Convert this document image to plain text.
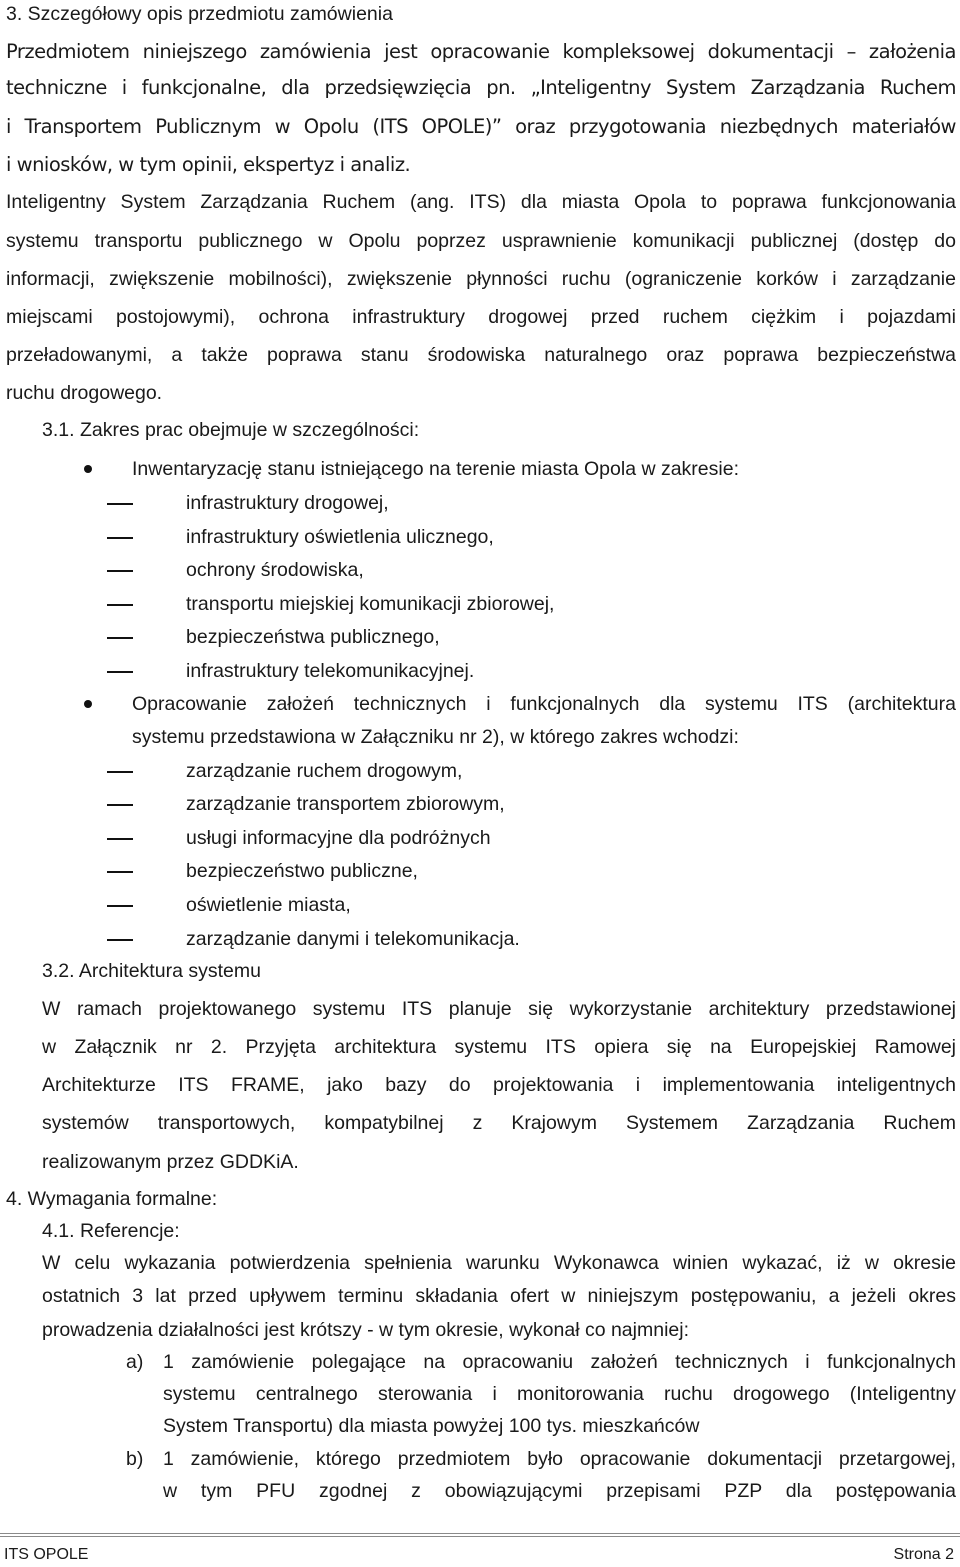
3. Szczegółowy opis przedmiotu zamówienia
Przedmiotem niniejszego zamówienia jest opracowanie kompleksowej dokumentacji – założenia
techniczne i funkcjonalne, dla przedsięwzięcia pn. „Inteligentny System Zarządzania Ruchem
i Transportem Publicznym w Opolu (ITS OPOLE)” oraz przygotowania niezbędnych materiałów
i wniosków, w tym opinii, ekspertyz i analiz.
Inteligentny System Zarządzania Ruchem (ang. ITS) dla miasta Opola to poprawa funkcjonowania
systemu transportu publicznego w Opolu poprzez usprawnienie komunikacji publicznej (dostęp do
informacji, zwiększenie mobilności), zwiększenie płynności ruchu (ograniczenie korków i zarządzanie
miejscami postojowymi), ochrona infrastruktury drogowej przed ruchem ciężkim i pojazdami
przeładowanymi, a także poprawa stanu środowiska naturalnego oraz poprawa bezpieczeństwa
ruchu drogowego.
3.1. Zakres prac obejmuje w szczególności:
Inwentaryzację stanu istniejącego na terenie miasta Opola w zakresie:
infrastruktury drogowej,
infrastruktury oświetlenia ulicznego,
ochrony środowiska,
transportu miejskiej komunikacji zbiorowej,
bezpieczeństwa publicznego,
infrastruktury telekomunikacyjnej.
Opracowanie założeń technicznych i funkcjonalnych dla systemu ITS (architektura
systemu przedstawiona w Załączniku nr 2), w którego zakres wchodzi:
zarządzanie ruchem drogowym,
zarządzanie transportem zbiorowym,
usługi informacyjne dla podróżnych
bezpieczeństwo publiczne,
oświetlenie miasta,
zarządzanie danymi i telekomunikacja.
3.2. Architektura systemu
W ramach projektowanego systemu ITS planuje się wykorzystanie architektury przedstawionej
w Załącznik nr 2. Przyjęta architektura systemu ITS opiera się na Europejskiej Ramowej
Architekturze ITS FRAME, jako bazy do projektowania i implementowania inteligentnych
systemów transportowych, kompatybilnej z Krajowym Systemem Zarządzania Ruchem
realizowanym przez GDDKiA.
4. Wymagania formalne:
4.1. Referencje:
W celu wykazania potwierdzenia spełnienia warunku Wykonawca winien wykazać, iż w okresie
ostatnich 3 lat przed upływem terminu składania ofert w niniejszym postępowaniu, a jeżeli okres
prowadzenia działalności jest krótszy - w tym okresie, wykonał co najmniej:
a) 1 zamówienie polegające na opracowaniu założeń technicznych i funkcjonalnych
systemu centralnego sterowania i monitorowania ruchu drogowego (Inteligentny
System Transportu) dla miasta powyżej 100 tys. mieszkańców
b) 1 zamówienie, którego przedmiotem było opracowanie dokumentacji przetargowej,
w tym PFU zgodnej z obowiązującymi przepisami PZP dla postępowania
ITS OPOLE	Strona 2
